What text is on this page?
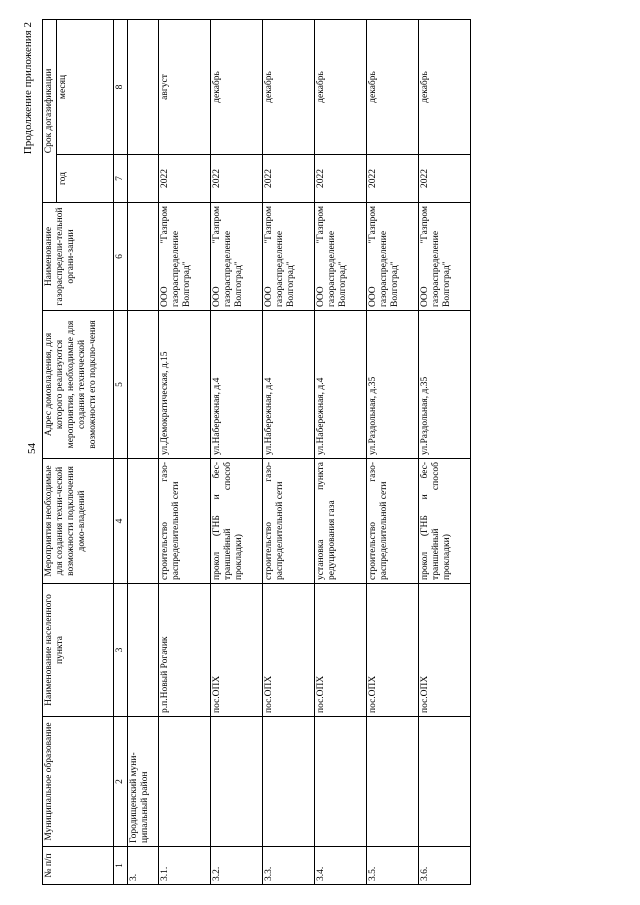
54
Продолжение приложения 2
№ п/п	Муниципальное образование	Наименование населенного пункта	Мероприятия необходимые для создания техни-ческой возможности подключения домо-владений	Адрес домовладения, для которого реализуются мероприятия, необходимые для создания технической возможности его подклю-чения	Наименование газораспредели-тельной органи-зации	Срок догазификации	
						год	месяц
1	2	3	4	5	6	7	8
3.	Городищенский муни-ципальный район						
3.1.		р.п.Новый Рогачик	строительство газо-распределительной сети	ул.Демократическая, д.15	ООО "Газпром газораспределение Волгоград"	2022	август
3.2.		пос.ОПХ	прокол (ГНБ и бес-траншейный способ прокладки)	ул.Набережная, д.4	ООО "Газпром газораспределение Волгоград"	2022	декабрь
3.3.		пос.ОПХ	строительство газо-распределительной сети	ул.Набережная, д.4	ООО "Газпром газораспределение Волгоград"	2022	декабрь
3.4.		пос.ОПХ	установка пункта редуцирования газа	ул.Набережная, д.4	ООО "Газпром газораспределение Волгоград"	2022	декабрь
3.5.		пос.ОПХ	строительство газо-распределительной сети	ул.Раздольная, д.35	ООО "Газпром газораспределение Волгоград"	2022	декабрь
3.6.		пос.ОПХ	прокол (ГНБ и бес-траншейный способ прокладки)	ул.Раздольная, д.35	ООО "Газпром газораспределение Волгоград"	2022	декабрь
